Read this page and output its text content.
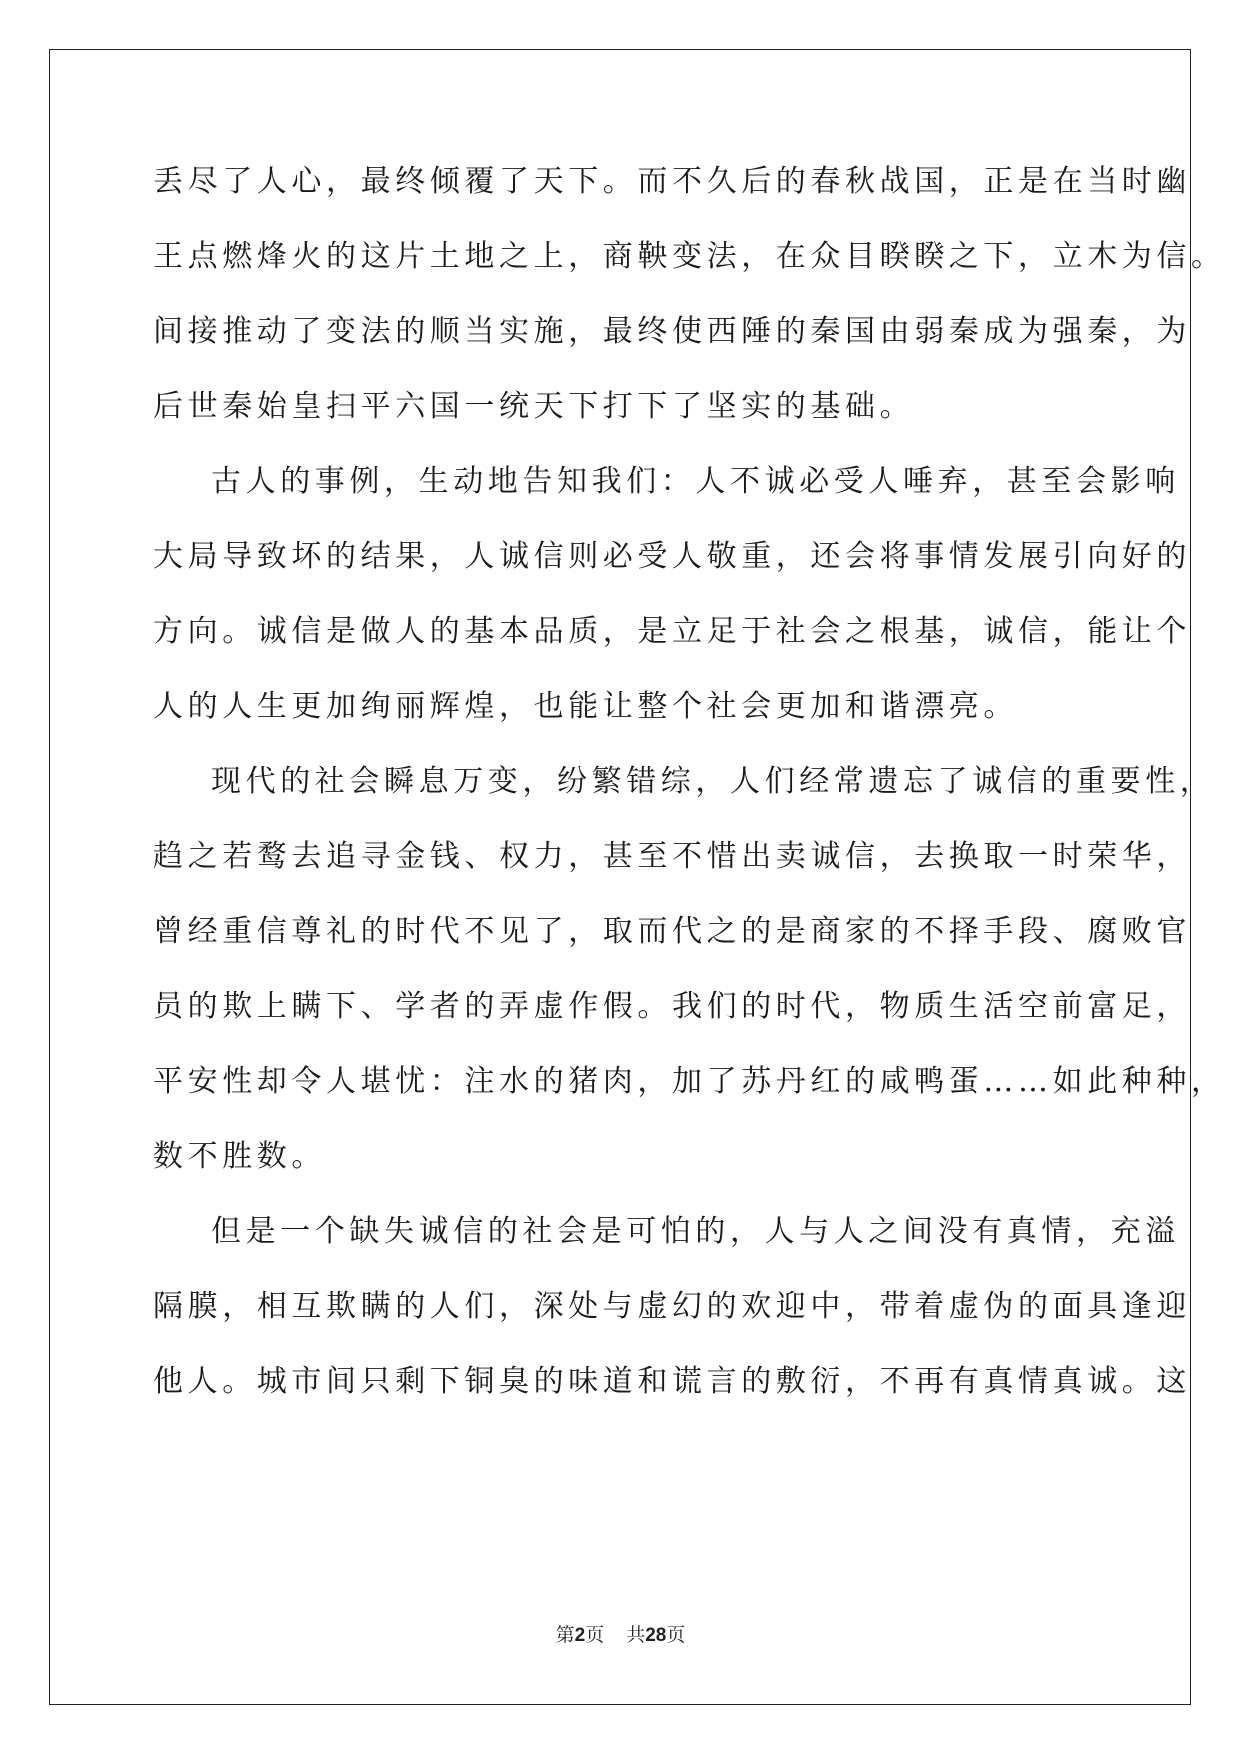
丢尽了人心，最终倾覆了天下。而不久后的春秋战国，正是在当时幽
王点燃烽火的这片土地之上，商鞅变法，在众目睽睽之下，立木为信。
间接推动了变法的顺当实施，最终使西陲的秦国由弱秦成为强秦，为
后世秦始皇扫平六国一统天下打下了坚实的基础。
古人的事例，生动地告知我们：人不诚必受人唾弃，甚至会影响
大局导致坏的结果，人诚信则必受人敬重，还会将事情发展引向好的
方向。诚信是做人的基本品质，是立足于社会之根基，诚信，能让个
人的人生更加绚丽辉煌，也能让整个社会更加和谐漂亮。
现代的社会瞬息万变，纷繁错综，人们经常遗忘了诚信的重要性，
趋之若鹜去追寻金钱、权力，甚至不惜出卖诚信，去换取一时荣华，
曾经重信尊礼的时代不见了，取而代之的是商家的不择手段、腐败官
员的欺上瞒下、学者的弄虚作假。我们的时代，物质生活空前富足，
平安性却令人堪忧：注水的猪肉，加了苏丹红的咸鸭蛋……如此种种，
数不胜数。
但是一个缺失诚信的社会是可怕的，人与人之间没有真情，充溢
隔膜，相互欺瞒的人们，深处与虚幻的欢迎中，带着虚伪的面具逢迎
他人。城市间只剩下铜臭的味道和谎言的敷衍，不再有真情真诚。这
第2页 共28页
